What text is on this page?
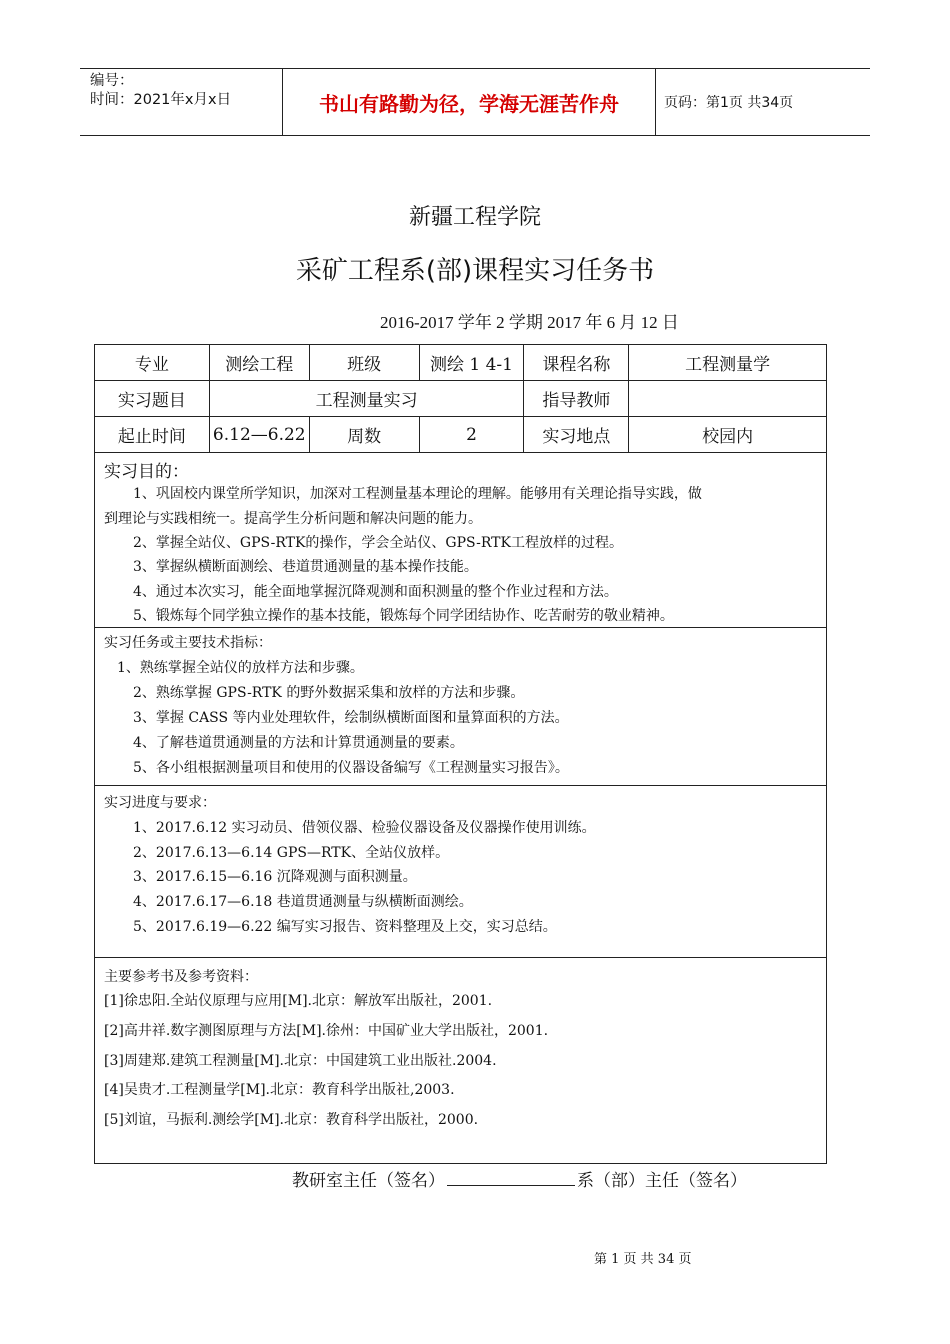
编号：
时间：2021年x月x日	书山有路勤为径，学海无涯苦作舟	页码：第1页 共34页
新疆工程学院
采矿工程系(部)课程实习任务书
2016-2017 学年 2 学期 2017 年 6 月 12 日
专业	测绘工程	班级	测绘 1 4-1	课程名称	工程测量学
实习题目	工程测量实习			指导教师	
起止时间	6.12—6.22	周数	2	实习地点	校园内
实习目的：

1、巩固校内课堂所学知识，加深对工程测量基本理论的理解。能够用有关理论指导实践，做

到理论与实践相统一。提高学生分析问题和解决问题的能力。

2、掌握全站仪、GPS-RTK的操作，学会全站仪、GPS-RTK工程放样的过程。

3、掌握纵横断面测绘、巷道贯通测量的基本操作技能。

4、通过本次实习，能全面地掌握沉降观测和面积测量的整个作业过程和方法。

5、锻炼每个同学独立操作的基本技能，锻炼每个同学团结协作、吃苦耐劳的敬业精神。

实习任务或主要技术指标：

1、熟练掌握全站仪的放样方法和步骤。

2、熟练掌握 GPS-RTK 的野外数据采集和放样的方法和步骤。

3、掌握 CASS 等内业处理软件，绘制纵横断面图和量算面积的方法。

4、了解巷道贯通测量的方法和计算贯通测量的要素。

5、各小组根据测量项目和使用的仪器设备编写《工程测量实习报告》。

实习进度与要求：

1、2017.6.12 实习动员、借领仪器、检验仪器设备及仪器操作使用训练。

2、2017.6.13—6.14 GPS—RTK、全站仪放样。

3、2017.6.15—6.16 沉降观测与面积测量。

4、2017.6.17—6.18 巷道贯通测量与纵横断面测绘。

5、2017.6.19—6.22 编写实习报告、资料整理及上交，实习总结。

主要参考书及参考资料：

[1]徐忠阳.全站仪原理与应用[M].北京：解放军出版社，2001.

[2]高井祥.数字测图原理与方法[M].徐州：中国矿业大学出版社，2001.

[3]周建郑.建筑工程测量[M].北京：中国建筑工业出版社.2004.

[4]吴贵才.工程测量学[M].北京：教育科学出版社,2003.

[5]刘谊，马振利.测绘学[M].北京：教育科学出版社，2000.

教研室主任（签名）	系（部）主任（签名）
第 1 页 共 34 页
